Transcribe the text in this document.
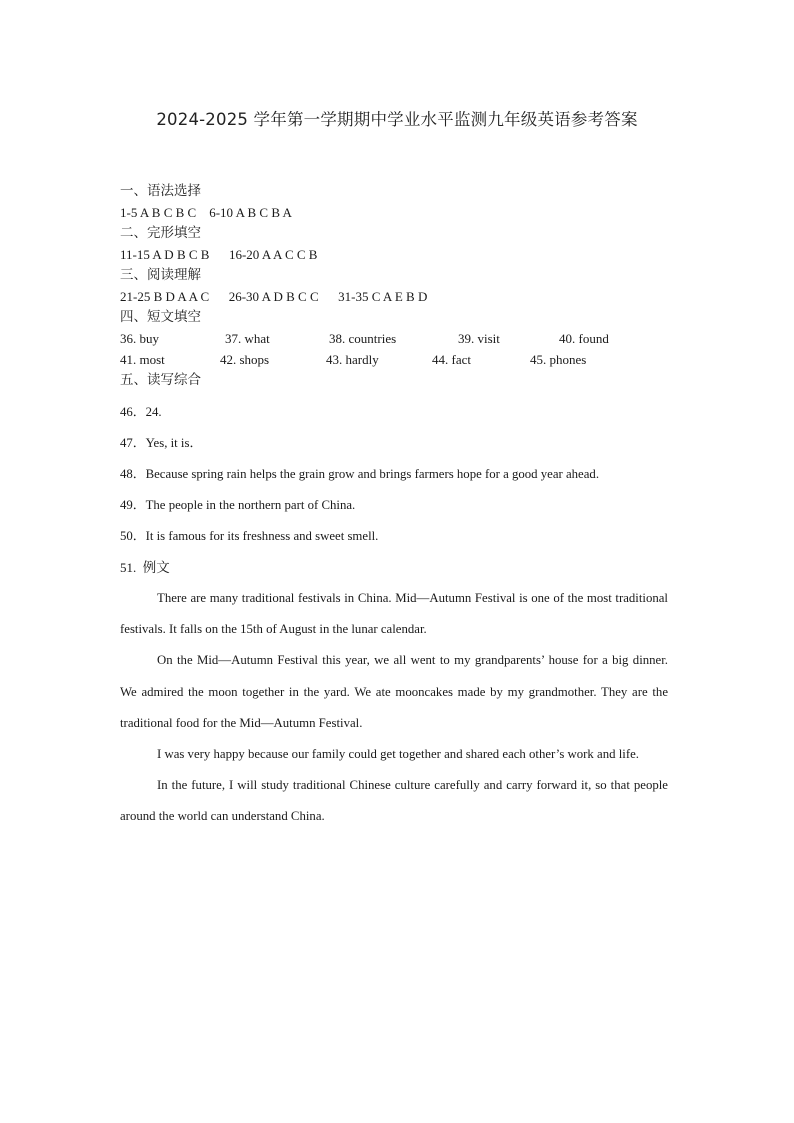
2024-2025 学年第一学期期中学业水平监测九年级英语参考答案
一、语法选择
1-5 A B C B C    6-10 A B C B A
二、完形填空
11-15 A D B C B      16-20 A A C C B
三、阅读理解
21-25 B D A A C      26-30 A D B C C      31-35 C A E B D
四、短文填空
36. buy	37. what	38. countries	39. visit	40. found
41. most	42. shops	43. hardly	44. fact	45. phones
五、读写综合
46．24.
47．Yes, it is．
48．Because spring rain helps the grain grow and brings farmers hope for a good year ahead.
49．The people in the northern part of China.
50．It is famous for its freshness and sweet smell.
51. 例文
There are many traditional festivals in China. Mid—Autumn Festival is one of the most traditional festivals. It falls on the 15th of August in the lunar calendar.
On the Mid—Autumn Festival this year, we all went to my grandparents’ house for a big dinner. We admired the moon together in the yard. We ate mooncakes made by my grandmother. They are the traditional food for the Mid—Autumn Festival.
I was very happy because our family could get together and shared each other’s work and life.
In the future, I will study traditional Chinese culture carefully and carry forward it, so that people around the world can understand China.
